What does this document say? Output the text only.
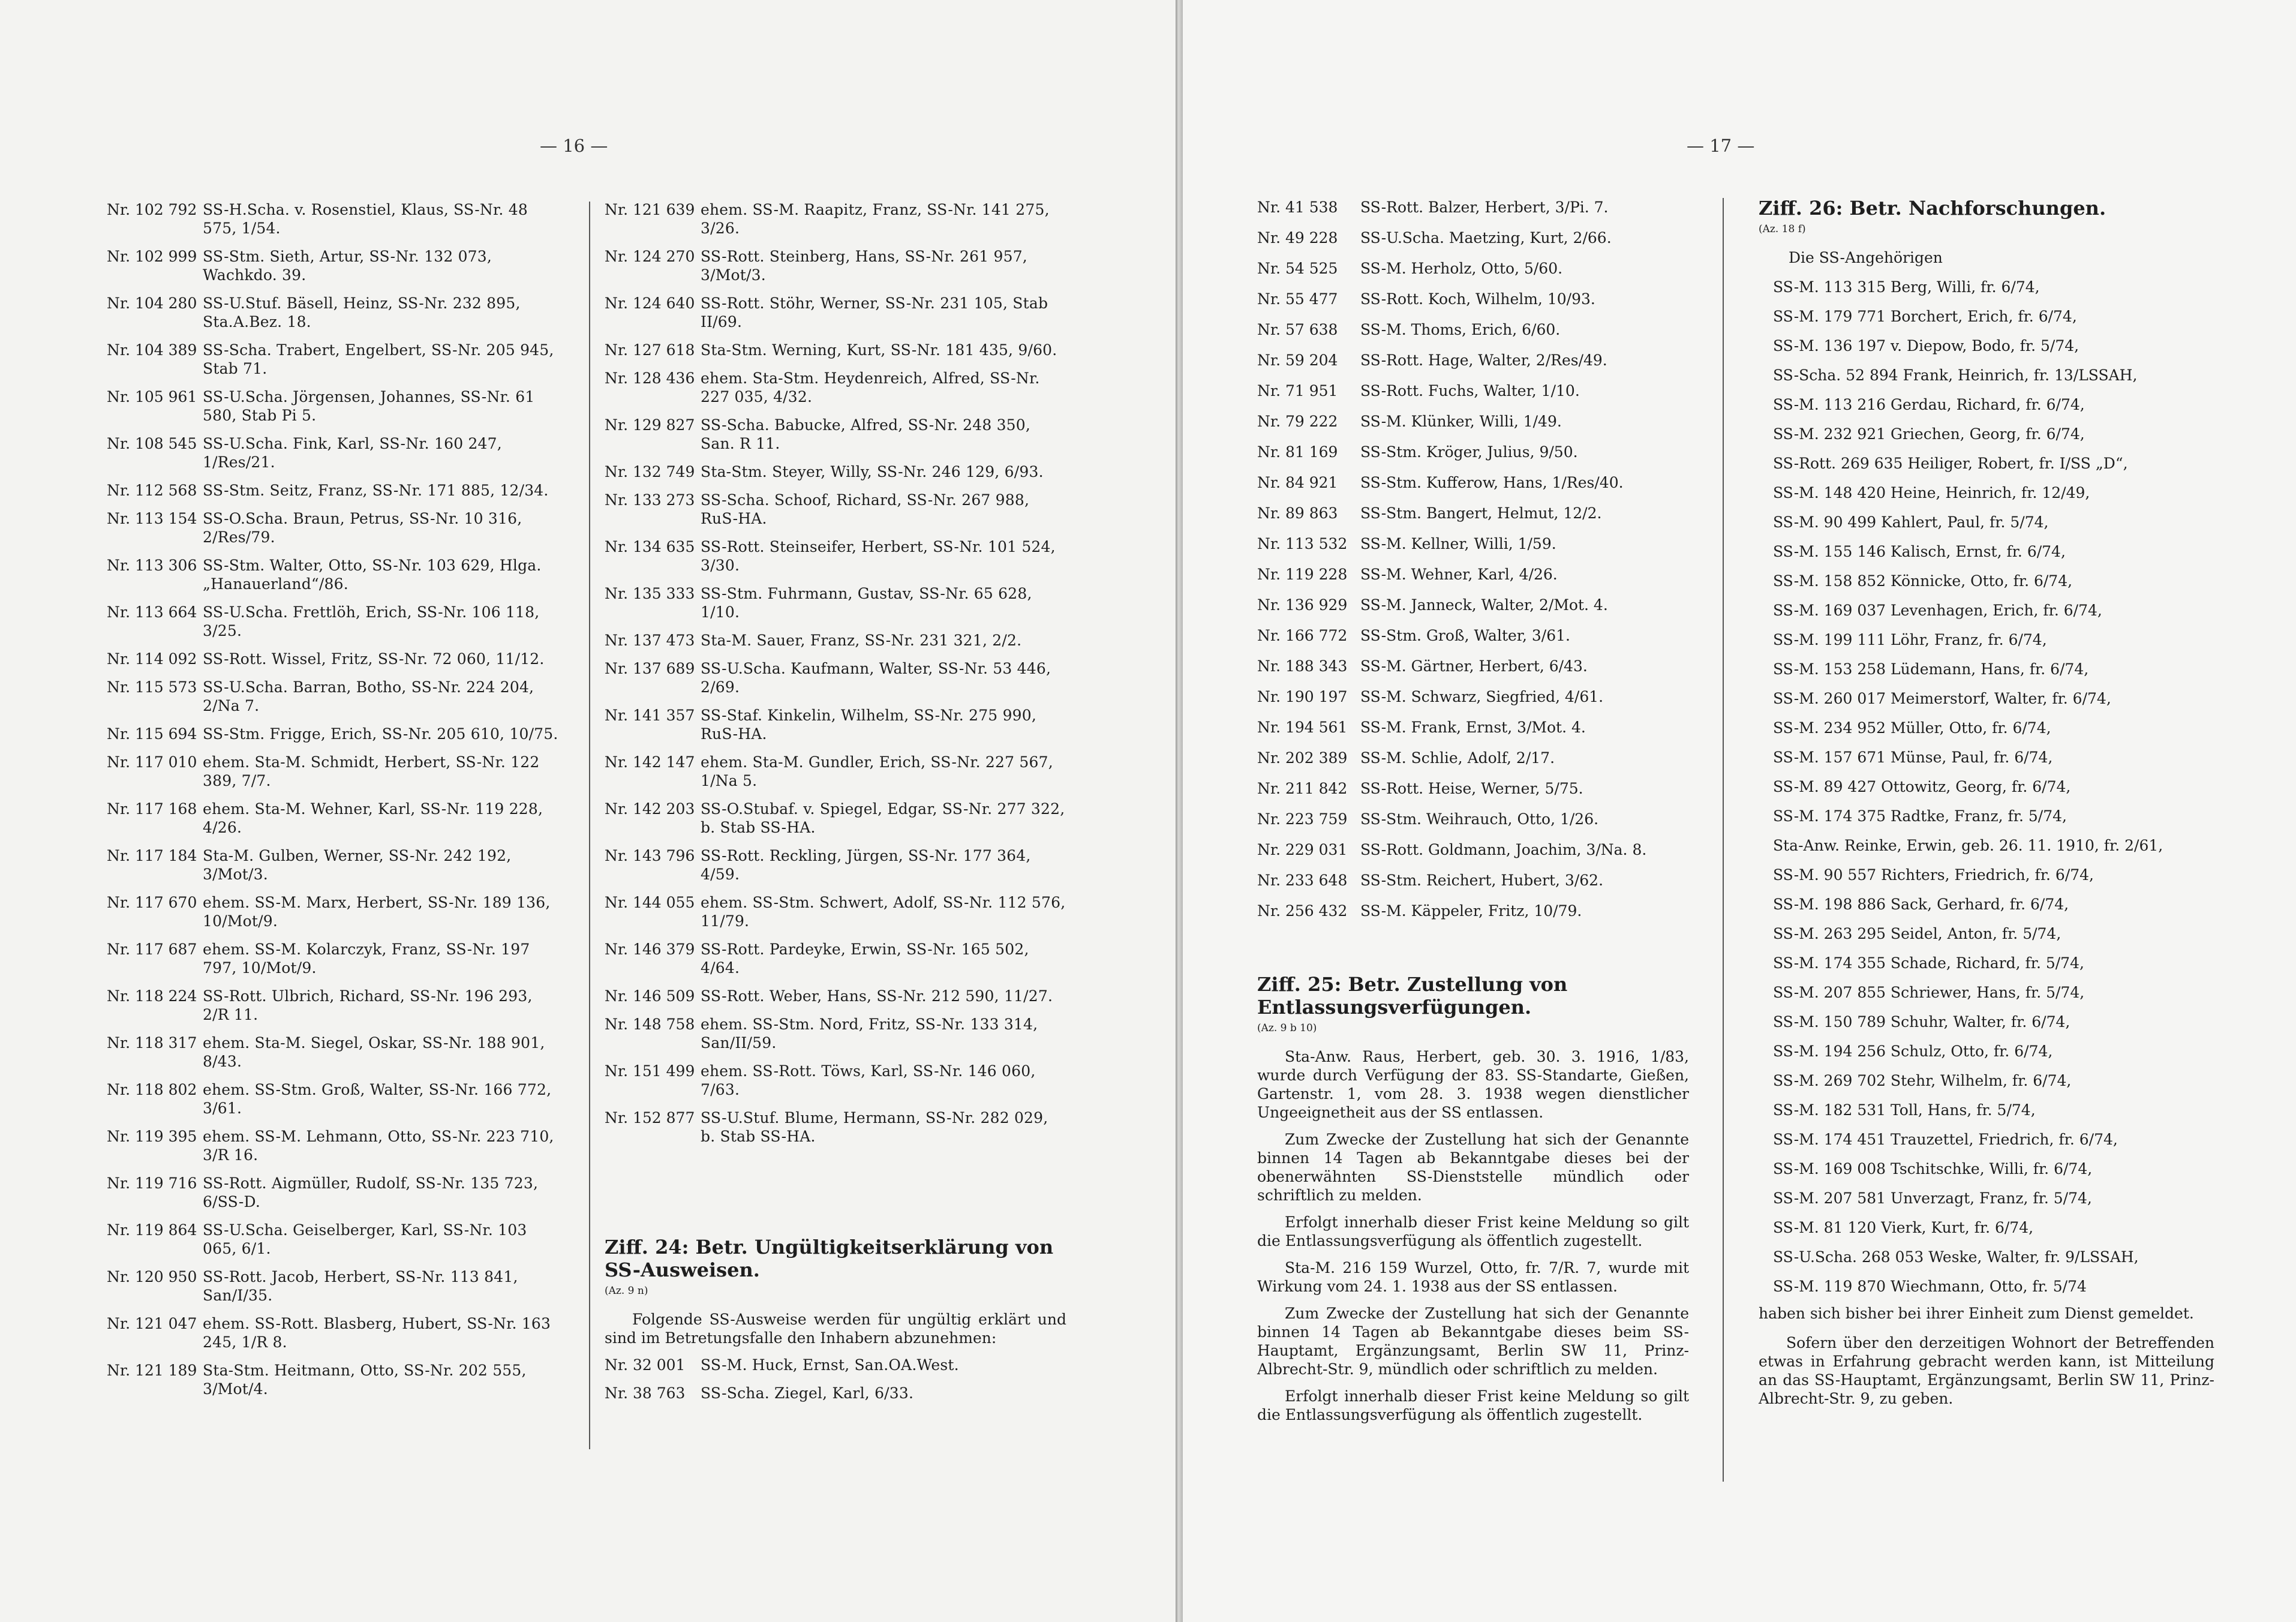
— 16 —
Nr. 102 792 SS-H.Scha. v. Rosenstiel, Klaus, SS-Nr. 48 575, 1/54.
Nr. 102 999 SS-Stm. Sieth, Artur, SS-Nr. 132 073, Wachkdo. 39.
Nr. 104 280 SS-U.Stuf. Bäsell, Heinz, SS-Nr. 232 895, Sta.A.Bez. 18.
Nr. 104 389 SS-Scha. Trabert, Engelbert, SS-Nr. 205 945, Stab 71.
Nr. 105 961 SS-U.Scha. Jörgensen, Johannes, SS-Nr. 61 580, Stab Pi 5.
Nr. 108 545 SS-U.Scha. Fink, Karl, SS-Nr. 160 247, 1/Res/21.
Nr. 112 568 SS-Stm. Seitz, Franz, SS-Nr. 171 885, 12/34.
Nr. 113 154 SS-O.Scha. Braun, Petrus, SS-Nr. 10 316, 2/Res/79.
Nr. 113 306 SS-Stm. Walter, Otto, SS-Nr. 103 629, Hlga. „Hanauerland“/86.
Nr. 113 664 SS-U.Scha. Frettlöh, Erich, SS-Nr. 106 118, 3/25.
Nr. 114 092 SS-Rott. Wissel, Fritz, SS-Nr. 72 060, 11/12.
Nr. 115 573 SS-U.Scha. Barran, Botho, SS-Nr. 224 204, 2/Na 7.
Nr. 115 694 SS-Stm. Frigge, Erich, SS-Nr. 205 610, 10/75.
Nr. 117 010 ehem. Sta-M. Schmidt, Herbert, SS-Nr. 122 389, 7/7.
Nr. 117 168 ehem. Sta-M. Wehner, Karl, SS-Nr. 119 228, 4/26.
Nr. 117 184 Sta-M. Gulben, Werner, SS-Nr. 242 192, 3/Mot/3.
Nr. 117 670 ehem. SS-M. Marx, Herbert, SS-Nr. 189 136, 10/Mot/9.
Nr. 117 687 ehem. SS-M. Kolarczyk, Franz, SS-Nr. 197 797, 10/Mot/9.
Nr. 118 224 SS-Rott. Ulbrich, Richard, SS-Nr. 196 293, 2/R 11.
Nr. 118 317 ehem. Sta-M. Siegel, Oskar, SS-Nr. 188 901, 8/43.
Nr. 118 802 ehem. SS-Stm. Groß, Walter, SS-Nr. 166 772, 3/61.
Nr. 119 395 ehem. SS-M. Lehmann, Otto, SS-Nr. 223 710, 3/R 16.
Nr. 119 716 SS-Rott. Aigmüller, Rudolf, SS-Nr. 135 723, 6/SS-D.
Nr. 119 864 SS-U.Scha. Geiselberger, Karl, SS-Nr. 103 065, 6/1.
Nr. 120 950 SS-Rott. Jacob, Herbert, SS-Nr. 113 841, San/I/35.
Nr. 121 047 ehem. SS-Rott. Blasberg, Hubert, SS-Nr. 163 245, 1/R 8.
Nr. 121 189 Sta-Stm. Heitmann, Otto, SS-Nr. 202 555, 3/Mot/4.
Nr. 121 639 ehem. SS-M. Raapitz, Franz, SS-Nr. 141 275, 3/26.
Nr. 124 270 SS-Rott. Steinberg, Hans, SS-Nr. 261 957, 3/Mot/3.
Nr. 124 640 SS-Rott. Stöhr, Werner, SS-Nr. 231 105, Stab II/69.
Nr. 127 618 Sta-Stm. Werning, Kurt, SS-Nr. 181 435, 9/60.
Nr. 128 436 ehem. Sta-Stm. Heydenreich, Alfred, SS-Nr. 227 035, 4/32.
Nr. 129 827 SS-Scha. Babucke, Alfred, SS-Nr. 248 350, San. R 11.
Nr. 132 749 Sta-Stm. Steyer, Willy, SS-Nr. 246 129, 6/93.
Nr. 133 273 SS-Scha. Schoof, Richard, SS-Nr. 267 988, RuS-HA.
Nr. 134 635 SS-Rott. Steinseifer, Herbert, SS-Nr. 101 524, 3/30.
Nr. 135 333 SS-Stm. Fuhrmann, Gustav, SS-Nr. 65 628, 1/10.
Nr. 137 473 Sta-M. Sauer, Franz, SS-Nr. 231 321, 2/2.
Nr. 137 689 SS-U.Scha. Kaufmann, Walter, SS-Nr. 53 446, 2/69.
Nr. 141 357 SS-Staf. Kinkelin, Wilhelm, SS-Nr. 275 990, RuS-HA.
Nr. 142 147 ehem. Sta-M. Gundler, Erich, SS-Nr. 227 567, 1/Na 5.
Nr. 142 203 SS-O.Stubaf. v. Spiegel, Edgar, SS-Nr. 277 322, b. Stab SS-HA.
Nr. 143 796 SS-Rott. Reckling, Jürgen, SS-Nr. 177 364, 4/59.
Nr. 144 055 ehem. SS-Stm. Schwert, Adolf, SS-Nr. 112 576, 11/79.
Nr. 146 379 SS-Rott. Pardeyke, Erwin, SS-Nr. 165 502, 4/64.
Nr. 146 509 SS-Rott. Weber, Hans, SS-Nr. 212 590, 11/27.
Nr. 148 758 ehem. SS-Stm. Nord, Fritz, SS-Nr. 133 314, San/II/59.
Nr. 151 499 ehem. SS-Rott. Töws, Karl, SS-Nr. 146 060, 7/63.
Nr. 152 877 SS-U.Stuf. Blume, Hermann, SS-Nr. 282 029, b. Stab SS-HA.
Ziff. 24: Betr. Ungültigkeitserklärung von SS-Ausweisen.
(Az. 9 n)
Folgende SS-Ausweise werden für ungültig erklärt und sind im Betretungsfalle den Inhabern abzunehmen:
Nr. 32 001	SS-M. Huck, Ernst, San.OA.West.
Nr. 38 763	SS-Scha. Ziegel, Karl, 6/33.
— 17 —
Nr. 41 538	SS-Rott. Balzer, Herbert, 3/Pi. 7.
Nr. 49 228	SS-U.Scha. Maetzing, Kurt, 2/66.
Nr. 54 525	SS-M. Herholz, Otto, 5/60.
Nr. 55 477	SS-Rott. Koch, Wilhelm, 10/93.
Nr. 57 638	SS-M. Thoms, Erich, 6/60.
Nr. 59 204	SS-Rott. Hage, Walter, 2/Res/49.
Nr. 71 951	SS-Rott. Fuchs, Walter, 1/10.
Nr. 79 222	SS-M. Klünker, Willi, 1/49.
Nr. 81 169	SS-Stm. Kröger, Julius, 9/50.
Nr. 84 921	SS-Stm. Kufferow, Hans, 1/Res/40.
Nr. 89 863	SS-Stm. Bangert, Helmut, 12/2.
Nr. 113 532 SS-M. Kellner, Willi, 1/59.
Nr. 119 228 SS-M. Wehner, Karl, 4/26.
Nr. 136 929 SS-M. Janneck, Walter, 2/Mot. 4.
Nr. 166 772 SS-Stm. Groß, Walter, 3/61.
Nr. 188 343 SS-M. Gärtner, Herbert, 6/43.
Nr. 190 197 SS-M. Schwarz, Siegfried, 4/61.
Nr. 194 561 SS-M. Frank, Ernst, 3/Mot. 4.
Nr. 202 389 SS-M. Schlie, Adolf, 2/17.
Nr. 211 842 SS-Rott. Heise, Werner, 5/75.
Nr. 223 759 SS-Stm. Weihrauch, Otto, 1/26.
Nr. 229 031 SS-Rott. Goldmann, Joachim, 3/Na. 8.
Nr. 233 648 SS-Stm. Reichert, Hubert, 3/62.
Nr. 256 432 SS-M. Käppeler, Fritz, 10/79.
Ziff. 25: Betr. Zustellung von Entlassungsverfügungen.
(Az. 9 b 10)
Sta-Anw. Raus, Herbert, geb. 30. 3. 1916, 1/83, wurde durch Verfügung der 83. SS-Standarte, Gießen, Gartenstr. 1, vom 28. 3. 1938 wegen dienstlicher Ungeeignetheit aus der SS entlassen.
Zum Zwecke der Zustellung hat sich der Genannte binnen 14 Tagen ab Bekanntgabe dieses bei der obenerwähnten SS-Dienststelle mündlich oder schriftlich zu melden.
Erfolgt innerhalb dieser Frist keine Meldung so gilt die Entlassungsverfügung als öffentlich zugestellt.
Sta-M. 216 159 Wurzel, Otto, fr. 7/R. 7, wurde mit Wirkung vom 24. 1. 1938 aus der SS entlassen.
Zum Zwecke der Zustellung hat sich der Genannte binnen 14 Tagen ab Bekanntgabe dieses beim SS-Hauptamt, Ergänzungsamt, Berlin SW 11, Prinz-Albrecht-Str. 9, mündlich oder schriftlich zu melden.
Erfolgt innerhalb dieser Frist keine Meldung so gilt die Entlassungsverfügung als öffentlich zugestellt.
Ziff. 26: Betr. Nachforschungen.
(Az. 18 f)
Die SS-Angehörigen
SS-M. 113 315 Berg, Willi, fr. 6/74,
SS-M. 179 771 Borchert, Erich, fr. 6/74,
SS-M. 136 197 v. Diepow, Bodo, fr. 5/74,
SS-Scha. 52 894 Frank, Heinrich, fr. 13/LSSAH,
SS-M. 113 216 Gerdau, Richard, fr. 6/74,
SS-M. 232 921 Griechen, Georg, fr. 6/74,
SS-Rott. 269 635 Heiliger, Robert, fr. I/SS „D“,
SS-M. 148 420 Heine, Heinrich, fr. 12/49,
SS-M. 90 499 Kahlert, Paul, fr. 5/74,
SS-M. 155 146 Kalisch, Ernst, fr. 6/74,
SS-M. 158 852 Könnicke, Otto, fr. 6/74,
SS-M. 169 037 Levenhagen, Erich, fr. 6/74,
SS-M. 199 111 Löhr, Franz, fr. 6/74,
SS-M. 153 258 Lüdemann, Hans, fr. 6/74,
SS-M. 260 017 Meimerstorf, Walter, fr. 6/74,
SS-M. 234 952 Müller, Otto, fr. 6/74,
SS-M. 157 671 Münse, Paul, fr. 6/74,
SS-M. 89 427 Ottowitz, Georg, fr. 6/74,
SS-M. 174 375 Radtke, Franz, fr. 5/74,
Sta-Anw. Reinke, Erwin, geb. 26. 11. 1910, fr. 2/61,
SS-M. 90 557 Richters, Friedrich, fr. 6/74,
SS-M. 198 886 Sack, Gerhard, fr. 6/74,
SS-M. 263 295 Seidel, Anton, fr. 5/74,
SS-M. 174 355 Schade, Richard, fr. 5/74,
SS-M. 207 855 Schriewer, Hans, fr. 5/74,
SS-M. 150 789 Schuhr, Walter, fr. 6/74,
SS-M. 194 256 Schulz, Otto, fr. 6/74,
SS-M. 269 702 Stehr, Wilhelm, fr. 6/74,
SS-M. 182 531 Toll, Hans, fr. 5/74,
SS-M. 174 451 Trauzettel, Friedrich, fr. 6/74,
SS-M. 169 008 Tschitschke, Willi, fr. 6/74,
SS-M. 207 581 Unverzagt, Franz, fr. 5/74,
SS-M. 81 120 Vierk, Kurt, fr. 6/74,
SS-U.Scha. 268 053 Weske, Walter, fr. 9/LSSAH,
SS-M. 119 870 Wiechmann, Otto, fr. 5/74
haben sich bisher bei ihrer Einheit zum Dienst gemeldet.
Sofern über den derzeitigen Wohnort der Betreffenden etwas in Erfahrung gebracht werden kann, ist Mitteilung an das SS-Hauptamt, Ergänzungsamt, Berlin SW 11, Prinz-Albrecht-Str. 9, zu geben.
